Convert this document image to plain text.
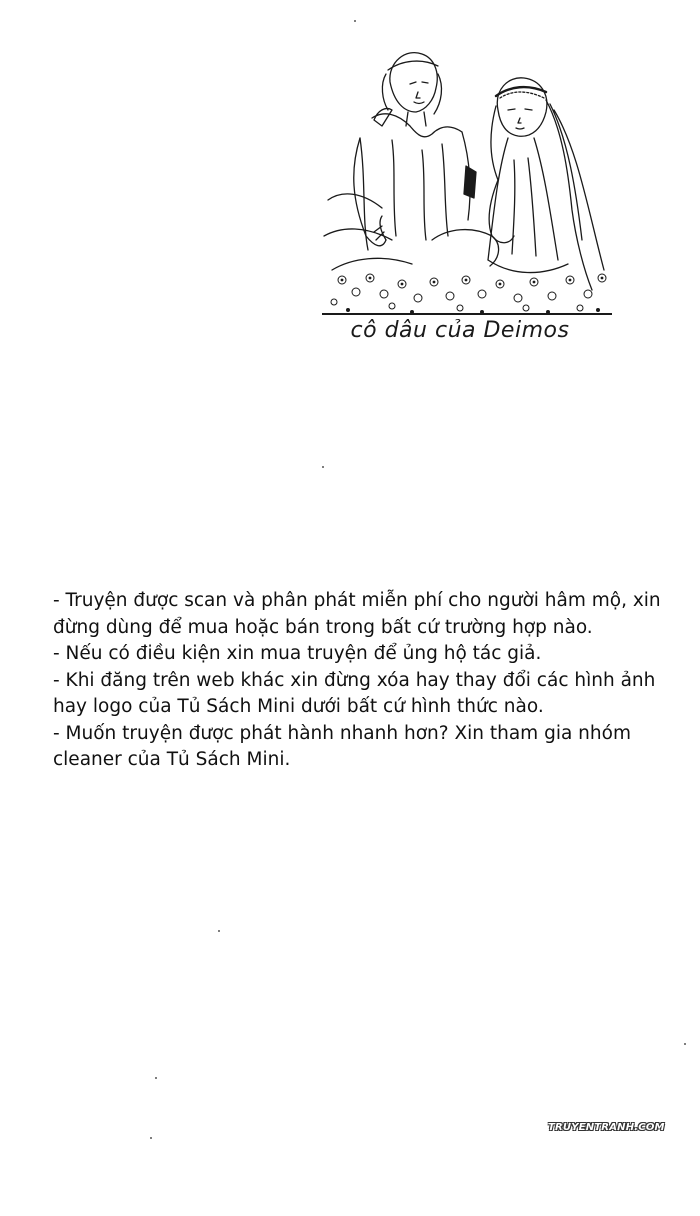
cô dâu của Deimos

- Truyện được scan và phân phát miễn phí cho người hâm mộ, xin đừng dùng để mua hoặc bán trong bất cứ trường hợp nào.

- Nếu có điều kiện xin mua truyện để ủng hộ tác giả.

- Khi đăng trên web khác xin đừng xóa hay thay đổi các hình ảnh hay logo của Tủ Sách Mini dưới bất cứ hình thức nào.

- Muốn truyện được phát hành nhanh hơn? Xin tham gia nhóm cleaner của Tủ Sách Mini.

TRUYENTRANH.COM
